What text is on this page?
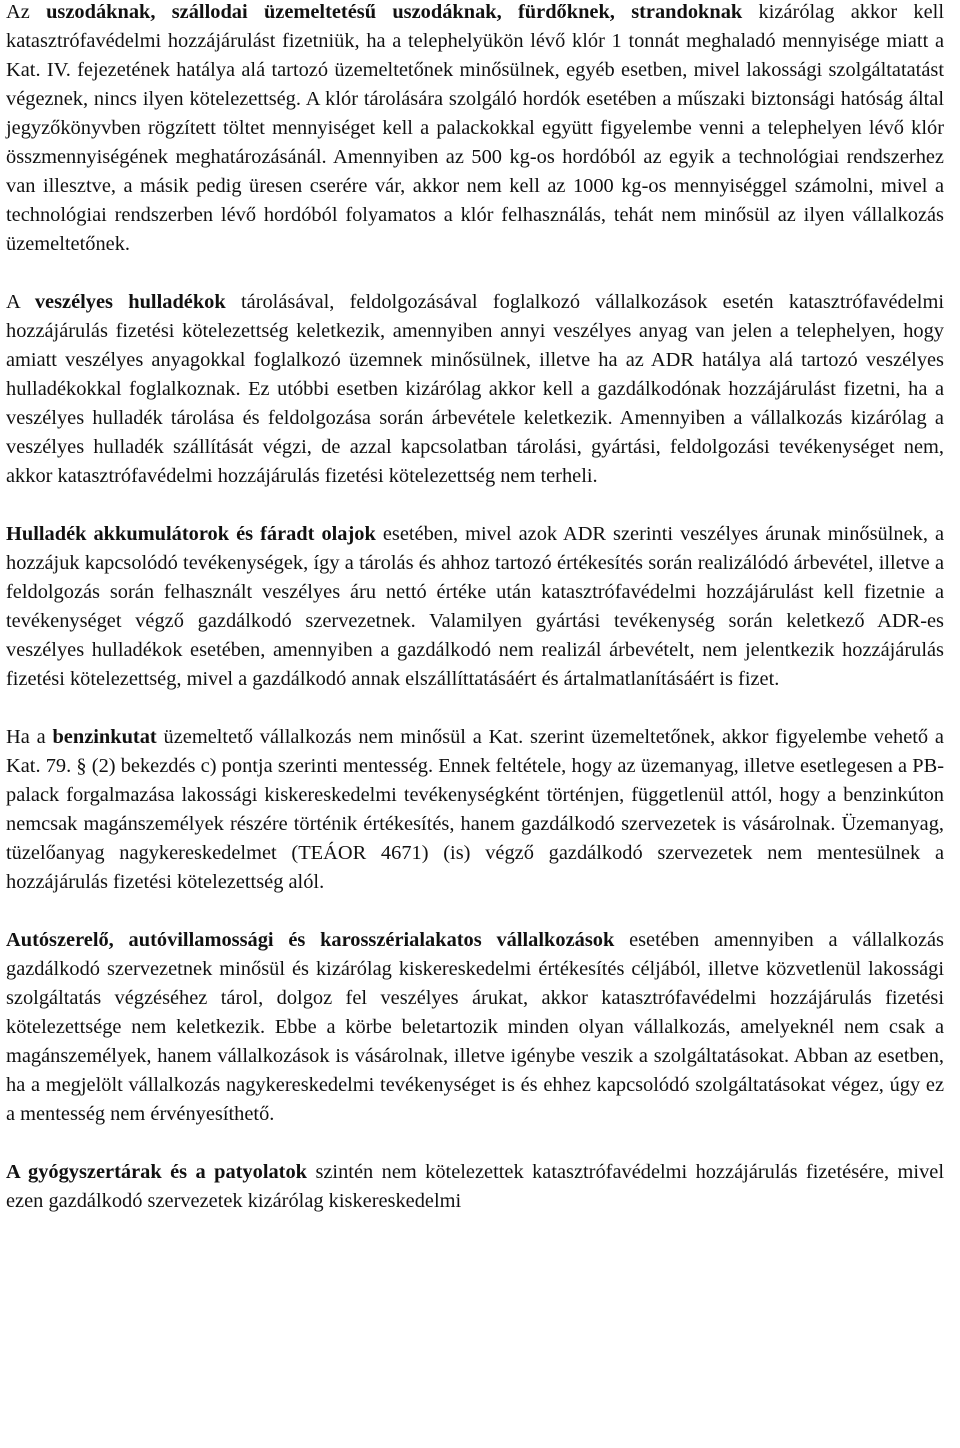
Az uszodáknak, szállodai üzemeltetésű uszodáknak, fürdőknek, strandoknak kizárólag akkor kell katasztrófavédelmi hozzájárulást fizetniük, ha a telephelyükön lévő klór 1 tonnát meghaladó mennyisége miatt a Kat. IV. fejezetének hatálya alá tartozó üzemeltetőnek minősülnek, egyéb esetben, mivel lakossági szolgáltatatást végeznek, nincs ilyen kötelezettség. A klór tárolására szolgáló hordók esetében a műszaki biztonsági hatóság által jegyzőkönyvben rögzített töltet mennyiséget kell a palackokkal együtt figyelembe venni a telephelyen lévő klór összmennyiségének meghatározásánál. Amennyiben az 500 kg-os hordóból az egyik a technológiai rendszerhez van illesztve, a másik pedig üresen cserére vár, akkor nem kell az 1000 kg-os mennyiséggel számolni, mivel a technológiai rendszerben lévő hordóból folyamatos a klór felhasználás, tehát nem minősül az ilyen vállalkozás üzemeltetőnek.

A veszélyes hulladékok tárolásával, feldolgozásával foglalkozó vállalkozások esetén katasztrófavédelmi hozzájárulás fizetési kötelezettség keletkezik, amennyiben annyi veszélyes anyag van jelen a telephelyen, hogy amiatt veszélyes anyagokkal foglalkozó üzemnek minősülnek, illetve ha az ADR hatálya alá tartozó veszélyes hulladékokkal foglalkoznak. Ez utóbbi esetben kizárólag akkor kell a gazdálkodónak hozzájárulást fizetni, ha a veszélyes hulladék tárolása és feldolgozása során árbevétele keletkezik. Amennyiben a vállalkozás kizárólag a veszélyes hulladék szállítását végzi, de azzal kapcsolatban tárolási, gyártási, feldolgozási tevékenységet nem, akkor katasztrófavédelmi hozzájárulás fizetési kötelezettség nem terheli.

Hulladék akkumulátorok és fáradt olajok esetében, mivel azok ADR szerinti veszélyes árunak minősülnek, a hozzájuk kapcsolódó tevékenységek, így a tárolás és ahhoz tartozó értékesítés során realizálódó árbevétel, illetve a feldolgozás során felhasznált veszélyes áru nettó értéke után katasztrófavédelmi hozzájárulást kell fizetnie a tevékenységet végző gazdálkodó szervezetnek. Valamilyen gyártási tevékenység során keletkező ADR-es veszélyes hulladékok esetében, amennyiben a gazdálkodó nem realizál árbevételt, nem jelentkezik hozzájárulás fizetési kötelezettség, mivel a gazdálkodó annak elszállíttatásáért és ártalmatlanításáért is fizet.

Ha a benzinkutat üzemeltető vállalkozás nem minősül a Kat. szerint üzemeltetőnek, akkor figyelembe vehető a Kat. 79. § (2) bekezdés c) pontja szerinti mentesség. Ennek feltétele, hogy az üzemanyag, illetve esetlegesen a PB-palack forgalmazása lakossági kiskereskedelmi tevékenységként történjen, függetlenül attól, hogy a benzinkúton nemcsak magánszemélyek részére történik értékesítés, hanem gazdálkodó szervezetek is vásárolnak. Üzemanyag, tüzelőanyag nagykereskedelmet (TEÁOR 4671) (is) végző gazdálkodó szervezetek nem mentesülnek a hozzájárulás fizetési kötelezettség alól.

Autószerelő, autóvillamossági és karosszérialakatos vállalkozások esetében amennyiben a vállalkozás gazdálkodó szervezetnek minősül és kizárólag kiskereskedelmi értékesítés céljából, illetve közvetlenül lakossági szolgáltatás végzéséhez tárol, dolgoz fel veszélyes árukat, akkor katasztrófavédelmi hozzájárulás fizetési kötelezettsége nem keletkezik. Ebbe a körbe beletartozik minden olyan vállalkozás, amelyeknél nem csak a magánszemélyek, hanem vállalkozások is vásárolnak, illetve igénybe veszik a szolgáltatásokat. Abban az esetben, ha a megjelölt vállalkozás nagykereskedelmi tevékenységet is és ehhez kapcsolódó szolgáltatásokat végez, úgy ez a mentesség nem érvényesíthető.

A gyógyszertárak és a patyolatok szintén nem kötelezettek katasztrófavédelmi hozzájárulás fizetésére, mivel ezen gazdálkodó szervezetek kizárólag kiskereskedelmi
